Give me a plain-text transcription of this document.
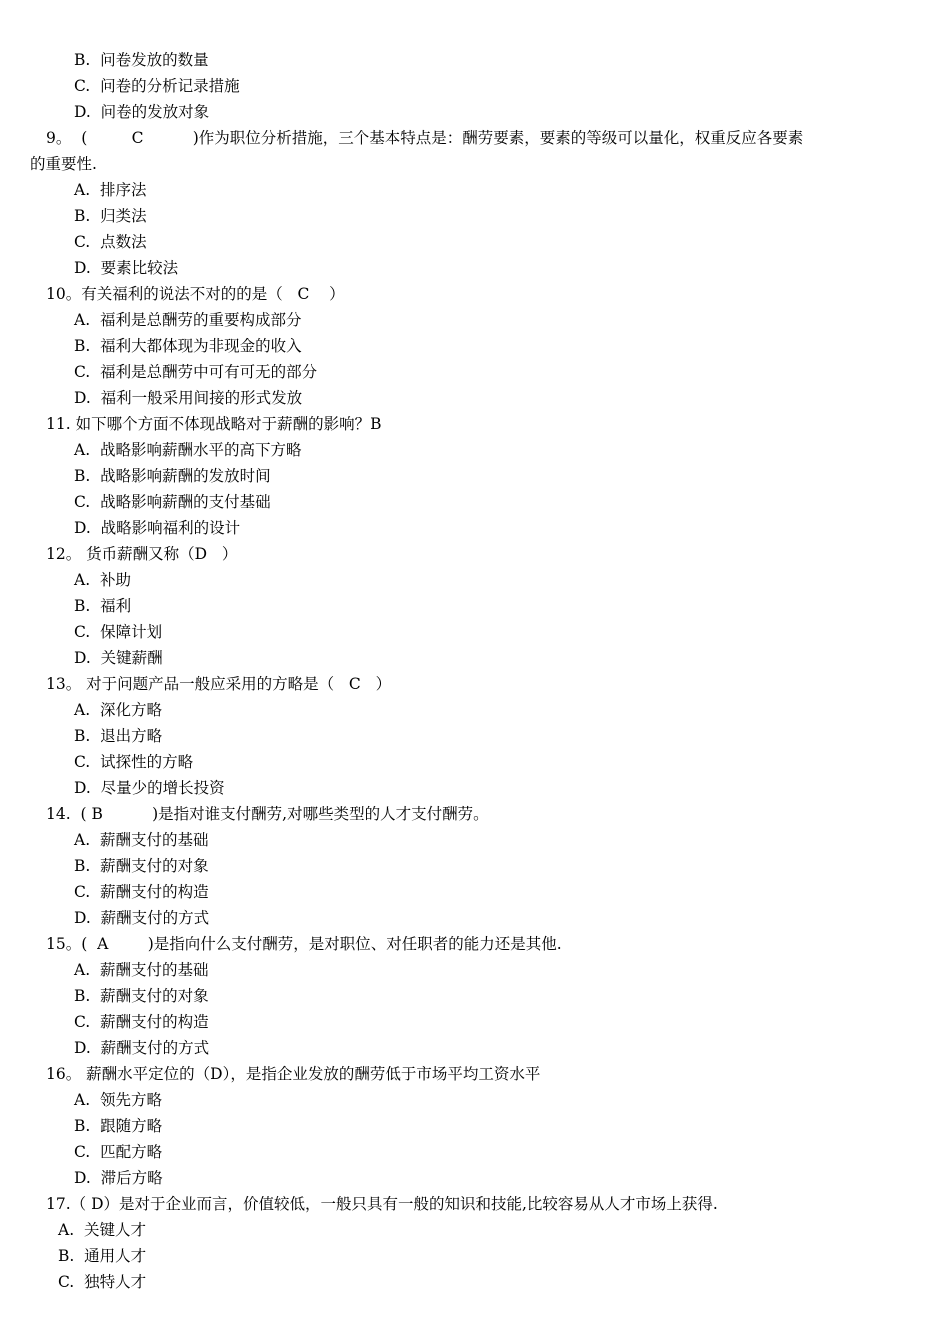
B.  问卷发放的数量
C.  问卷的分析记录措施
D.  问卷的发放对象
9。  (         C          )作为职位分析措施，三个基本特点是：酬劳要素，要素的等级可以量化，权重反应各要素
的重要性.
A.  排序法
B.  归类法
C.  点数法
D.  要素比较法
10。有关福利的说法不对的的是（   C    ）
A.  福利是总酬劳的重要构成部分
B.  福利大都体现为非现金的收入
C.  福利是总酬劳中可有可无的部分
D.  福利一般采用间接的形式发放
11. 如下哪个方面不体现战略对于薪酬的影响？B
A.  战略影响薪酬水平的高下方略
B.  战略影响薪酬的发放时间
C.  战略影响薪酬的支付基础
D.  战略影响福利的设计
12。 货币薪酬又称（D   ）
A.  补助
B.  福利
C.  保障计划
D.  关键薪酬
13。 对于问题产品一般应采用的方略是（   C   ）
A.  深化方略
B.  退出方略
C.  试探性的方略
D.  尽量少的增长投资
14.  ( B          )是指对谁支付酬劳,对哪些类型的人才支付酬劳。
A.  薪酬支付的基础
B.  薪酬支付的对象
C.  薪酬支付的构造
D.  薪酬支付的方式
15。(  A        )是指向什么支付酬劳，是对职位、对任职者的能力还是其他.
A.  薪酬支付的基础
B.  薪酬支付的对象
C.  薪酬支付的构造
D.  薪酬支付的方式
16。 薪酬水平定位的（D），是指企业发放的酬劳低于市场平均工资水平
A.  领先方略
B.  跟随方略
C.  匹配方略
D.  滞后方略
17.（ D）是对于企业而言，价值较低，一般只具有一般的知识和技能,比较容易从人才市场上获得.
A.  关键人才
B.  通用人才
C.  独特人才
